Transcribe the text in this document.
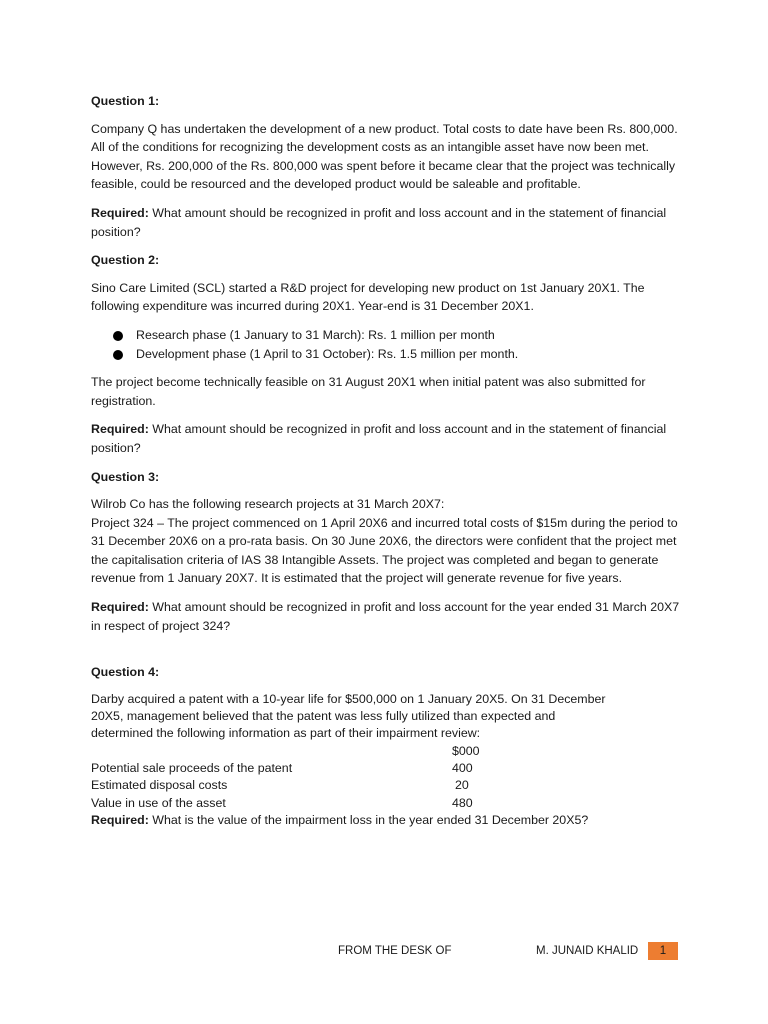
Question 1:

Company Q has undertaken the development of a new product. Total costs to date have been Rs. 800,000. All of the conditions for recognizing the development costs as an intangible asset have now been met. However, Rs. 200,000 of the Rs. 800,000 was spent before it became clear that the project was technically feasible, could be resourced and the developed product would be saleable and profitable.

Required: What amount should be recognized in profit and loss account and in the statement of financial position?

Question 2:

Sino Care Limited (SCL) started a R&D project for developing new product on 1st January 20X1. The following expenditure was incurred during 20X1. Year-end is 31 December 20X1.

Research phase (1 January to 31 March): Rs. 1 million per month
Development phase (1 April to 31 October): Rs. 1.5 million per month.

The project become technically feasible on 31 August 20X1 when initial patent was also submitted for registration.

Required: What amount should be recognized in profit and loss account and in the statement of financial position?

Question 3:

Wilrob Co has the following research projects at 31 March 20X7:

Project 324 – The project commenced on 1 April 20X6 and incurred total costs of $15m during the period to 31 December 20X6 on a pro-rata basis. On 30 June 20X6, the directors were confident that the project met the capitalisation criteria of IAS 38 Intangible Assets. The project was completed and began to generate revenue from 1 January 20X7. It is estimated that the project will generate revenue for five years.

Required: What amount should be recognized in profit and loss account for the year ended 31 March 20X7 in respect of project 324?

Question 4:

Darby acquired a patent with a 10-year life for $500,000 on 1 January 20X5. On 31 December

20X5, management believed that the patent was less fully utilized than expected and

determined the following information as part of their impairment review:

$000
Potential sale proceeds of the patent	400
Estimated disposal costs	20
Value in use of the asset	480

Required: What is the value of the impairment loss in the year ended 31 December 20X5?

FROM THE DESK OF	M. JUNAID KHALID	1
